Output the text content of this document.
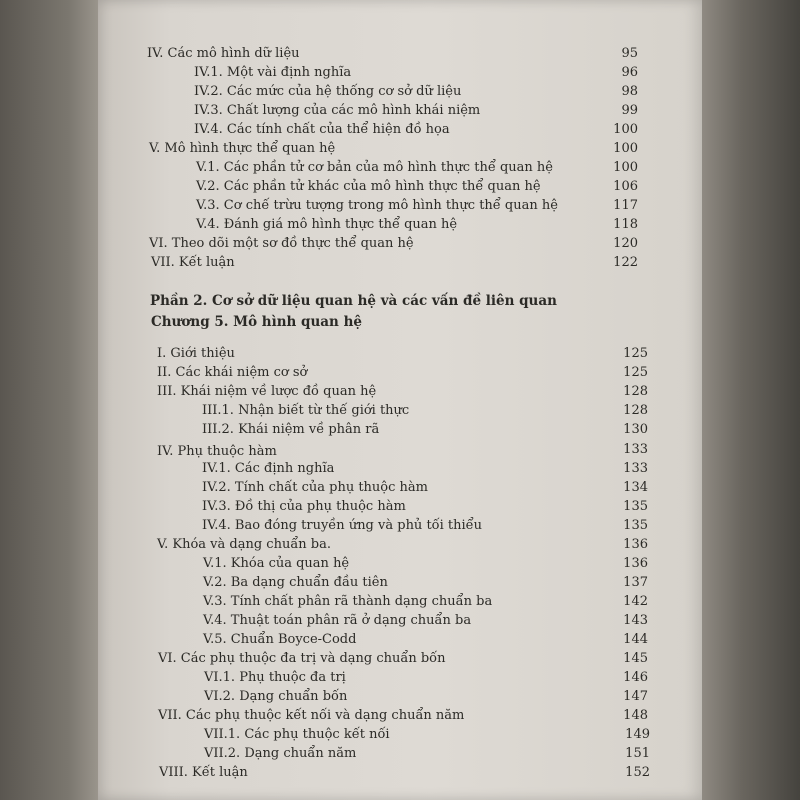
IV. Các mô hình dữ liệu	95
IV.1. Một vài định nghĩa	96
IV.2. Các mức của hệ thống cơ sở dữ liệu	98
IV.3. Chất lượng của các mô hình khái niệm	99
IV.4. Các tính chất của thể hiện đồ họa	100
V. Mô hình thực thể quan hệ	100
V.1. Các phần tử cơ bản của mô hình thực thể quan hệ	100
V.2. Các phần tử khác của mô hình thực thể quan hệ	106
V.3. Cơ chế trừu tượng trong mô hình thực thể quan hệ	117
V.4. Đánh giá mô hình thực thể quan hệ	118
VI. Theo dõi một sơ đồ thực thể quan hệ	120
VII. Kết luận	122
Phần 2. Cơ sở dữ liệu quan hệ và các vấn đề liên quan
Chương 5. Mô hình quan hệ
I. Giới thiệu	125
II. Các khái niệm cơ sở	125
III. Khái niệm về lược đồ quan hệ	128
III.1. Nhận biết từ thế giới thực	128
III.2. Khái niệm về phân rã	130
IV. Phụ thuộc hàm	133
IV.1. Các định nghĩa	133
IV.2. Tính chất của phụ thuộc hàm	134
IV.3. Đồ thị của phụ thuộc hàm	135
IV.4. Bao đóng truyền ứng và phủ tối thiểu	135
V. Khóa và dạng chuẩn ba.	136
V.1. Khóa của quan hệ	136
V.2. Ba dạng chuẩn đầu tiên	137
V.3. Tính chất phân rã thành dạng chuẩn ba	142
V.4. Thuật toán phân rã ở dạng chuẩn ba	143
V.5. Chuẩn Boyce-Codd	144
VI. Các phụ thuộc đa trị và dạng chuẩn bốn	145
VI.1. Phụ thuộc đa trị	146
VI.2. Dạng chuẩn bốn	147
VII. Các phụ thuộc kết nối và dạng chuẩn năm	148
VII.1. Các phụ thuộc kết nối	149
VII.2. Dạng chuẩn năm	151
VIII. Kết luận	152
